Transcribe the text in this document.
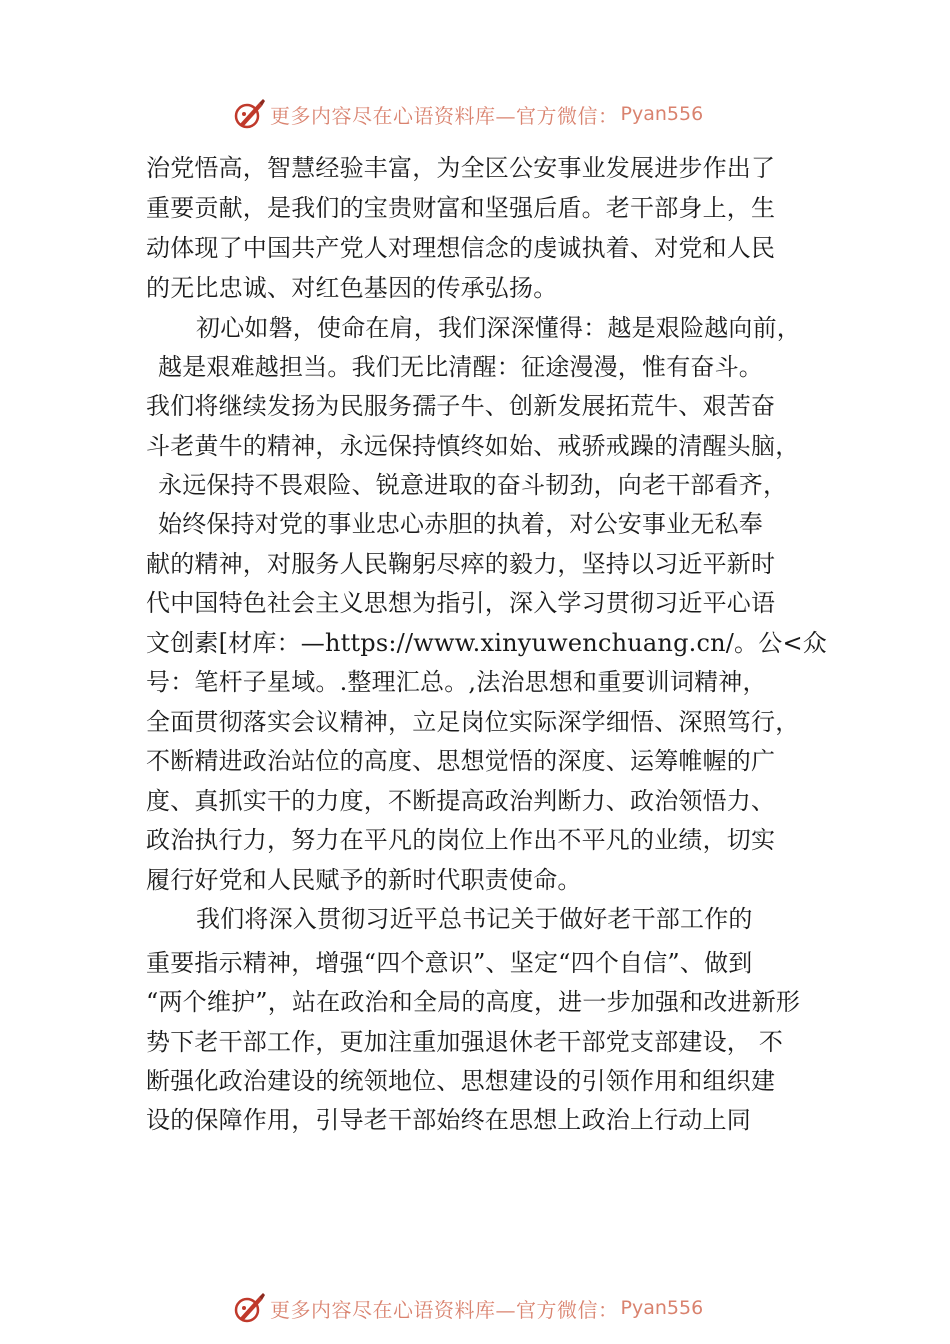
更多内容尽在心语资料库—官方微信： Pyan556
治党悟高，智慧经验丰富，为全区公安事业发展进步作出了
重要贡献，是我们的宝贵财富和坚强后盾。老干部身上，生
动体现了中国共产党人对理想信念的虔诚执着、对党和人民
的无比忠诚、对红色基因的传承弘扬。
初心如磐，使命在肩，我们深深懂得：越是艰险越向前，
越是艰难越担当。我们无比清醒：征途漫漫，惟有奋斗。
我们将继续发扬为民服务孺子牛、创新发展拓荒牛、艰苦奋
斗老黄牛的精神，永远保持慎终如始、戒骄戒躁的清醒头脑，
永远保持不畏艰险、锐意进取的奋斗韧劲，向老干部看齐，
始终保持对党的事业忠心赤胆的执着，对公安事业无私奉
献的精神，对服务人民鞠躬尽瘁的毅力，坚持以习近平新时
代中国特色社会主义思想为指引，深入学习贯彻习近平心语
文创素[材库：—https://www.xinyuwenchuang.cn/。公<众
号：笔杆子星域。.整理汇总。,法治思想和重要训词精神，
全面贯彻落实会议精神，立足岗位实际深学细悟、深照笃行，
不断精进政治站位的高度、思想觉悟的深度、运筹帷幄的广
度、真抓实干的力度，不断提高政治判断力、政治领悟力、
政治执行力，努力在平凡的岗位上作出不平凡的业绩，切实
履行好党和人民赋予的新时代职责使命。
我们将深入贯彻习近平总书记关于做好老干部工作的
重要指示精神，增强“四个意识”、坚定“四个自信”、做到
“两个维护”，站在政治和全局的高度，进一步加强和改进新形
势下老干部工作，更加注重加强退休老干部党支部建设， 不
断强化政治建设的统领地位、思想建设的引领作用和组织建
设的保障作用，引导老干部始终在思想上政治上行动上同
更多内容尽在心语资料库—官方微信： Pyan556
